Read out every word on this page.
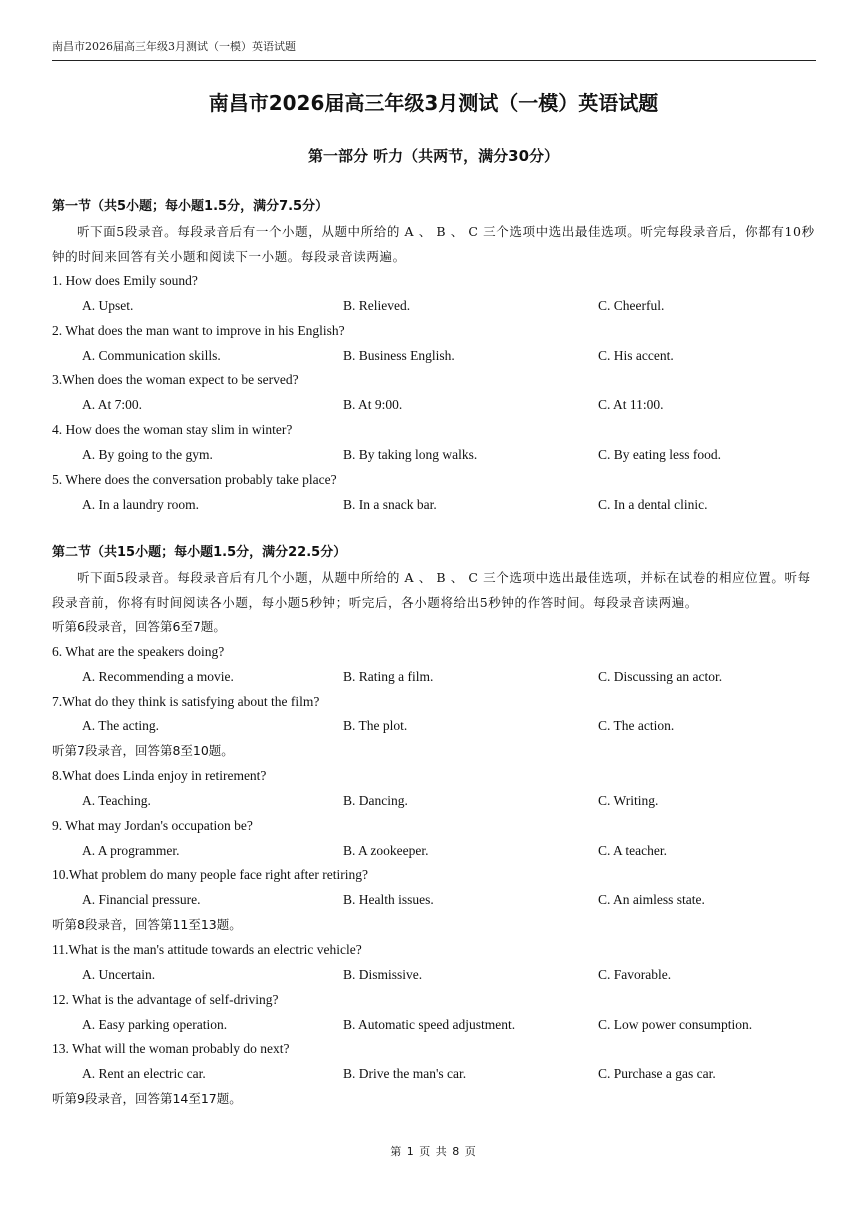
南昌市2026届高三年级3月测试（一模）英语试题
南昌市2026届高三年级3月测试（一模）英语试题
第一部分 听力（共两节，满分30分）
第一节（共5小题；每小题1.5分，满分7.5分）
听下面5段录音。每段录音后有一个小题，从题中所给的 A 、 B 、 C 三个选项中选出最佳选项。听完每段录音后，你都有10秒钟的时间来回答有关小题和阅读下一小题。每段录音读两遍。
1. How does Emily sound?
A. Upset.	B. Relieved.	C. Cheerful.
2. What does the man want to improve in his English?
A. Communication skills.	B. Business English.	C. His accent.
3.When does the woman expect to be served?
A. At 7:00.	B. At 9:00.	C. At 11:00.
4. How does the woman stay slim in winter?
A. By going to the gym.	B. By taking long walks.	C. By eating less food.
5. Where does the conversation probably take place?
A. In a laundry room.	B. In a snack bar.	C. In a dental clinic.
第二节（共15小题；每小题1.5分，满分22.5分）
听下面5段录音。每段录音后有几个小题，从题中所给的 A 、 B 、 C 三个选项中选出最佳选项，并标在试卷的相应位置。听每段录音前，你将有时间阅读各小题，每小题5秒钟；听完后，各小题将给出5秒钟的作答时间。每段录音读两遍。
听第6段录音，回答第6至7题。
6. What are the speakers doing?
A. Recommending a movie.	B. Rating a film.	C. Discussing an actor.
7.What do they think is satisfying about the film?
A. The acting.	B. The plot.	C. The action.
听第7段录音，回答第8至10题。
8.What does Linda enjoy in retirement?
A. Teaching.	B. Dancing.	C. Writing.
9. What may Jordan's occupation be?
A. A programmer.	B. A zookeeper.	C. A teacher.
10.What problem do many people face right after retiring?
A. Financial pressure.	B. Health issues.	C. An aimless state.
听第8段录音，回答第11至13题。
11.What is the man's attitude towards an electric vehicle?
A. Uncertain.	B. Dismissive.	C. Favorable.
12. What is the advantage of self-driving?
A. Easy parking operation.	B. Automatic speed adjustment.	C. Low power consumption.
13. What will the woman probably do next?
A. Rent an electric car.	B. Drive the man's car.	C. Purchase a gas car.
听第9段录音，回答第14至17题。
第 1 页 共 8 页
